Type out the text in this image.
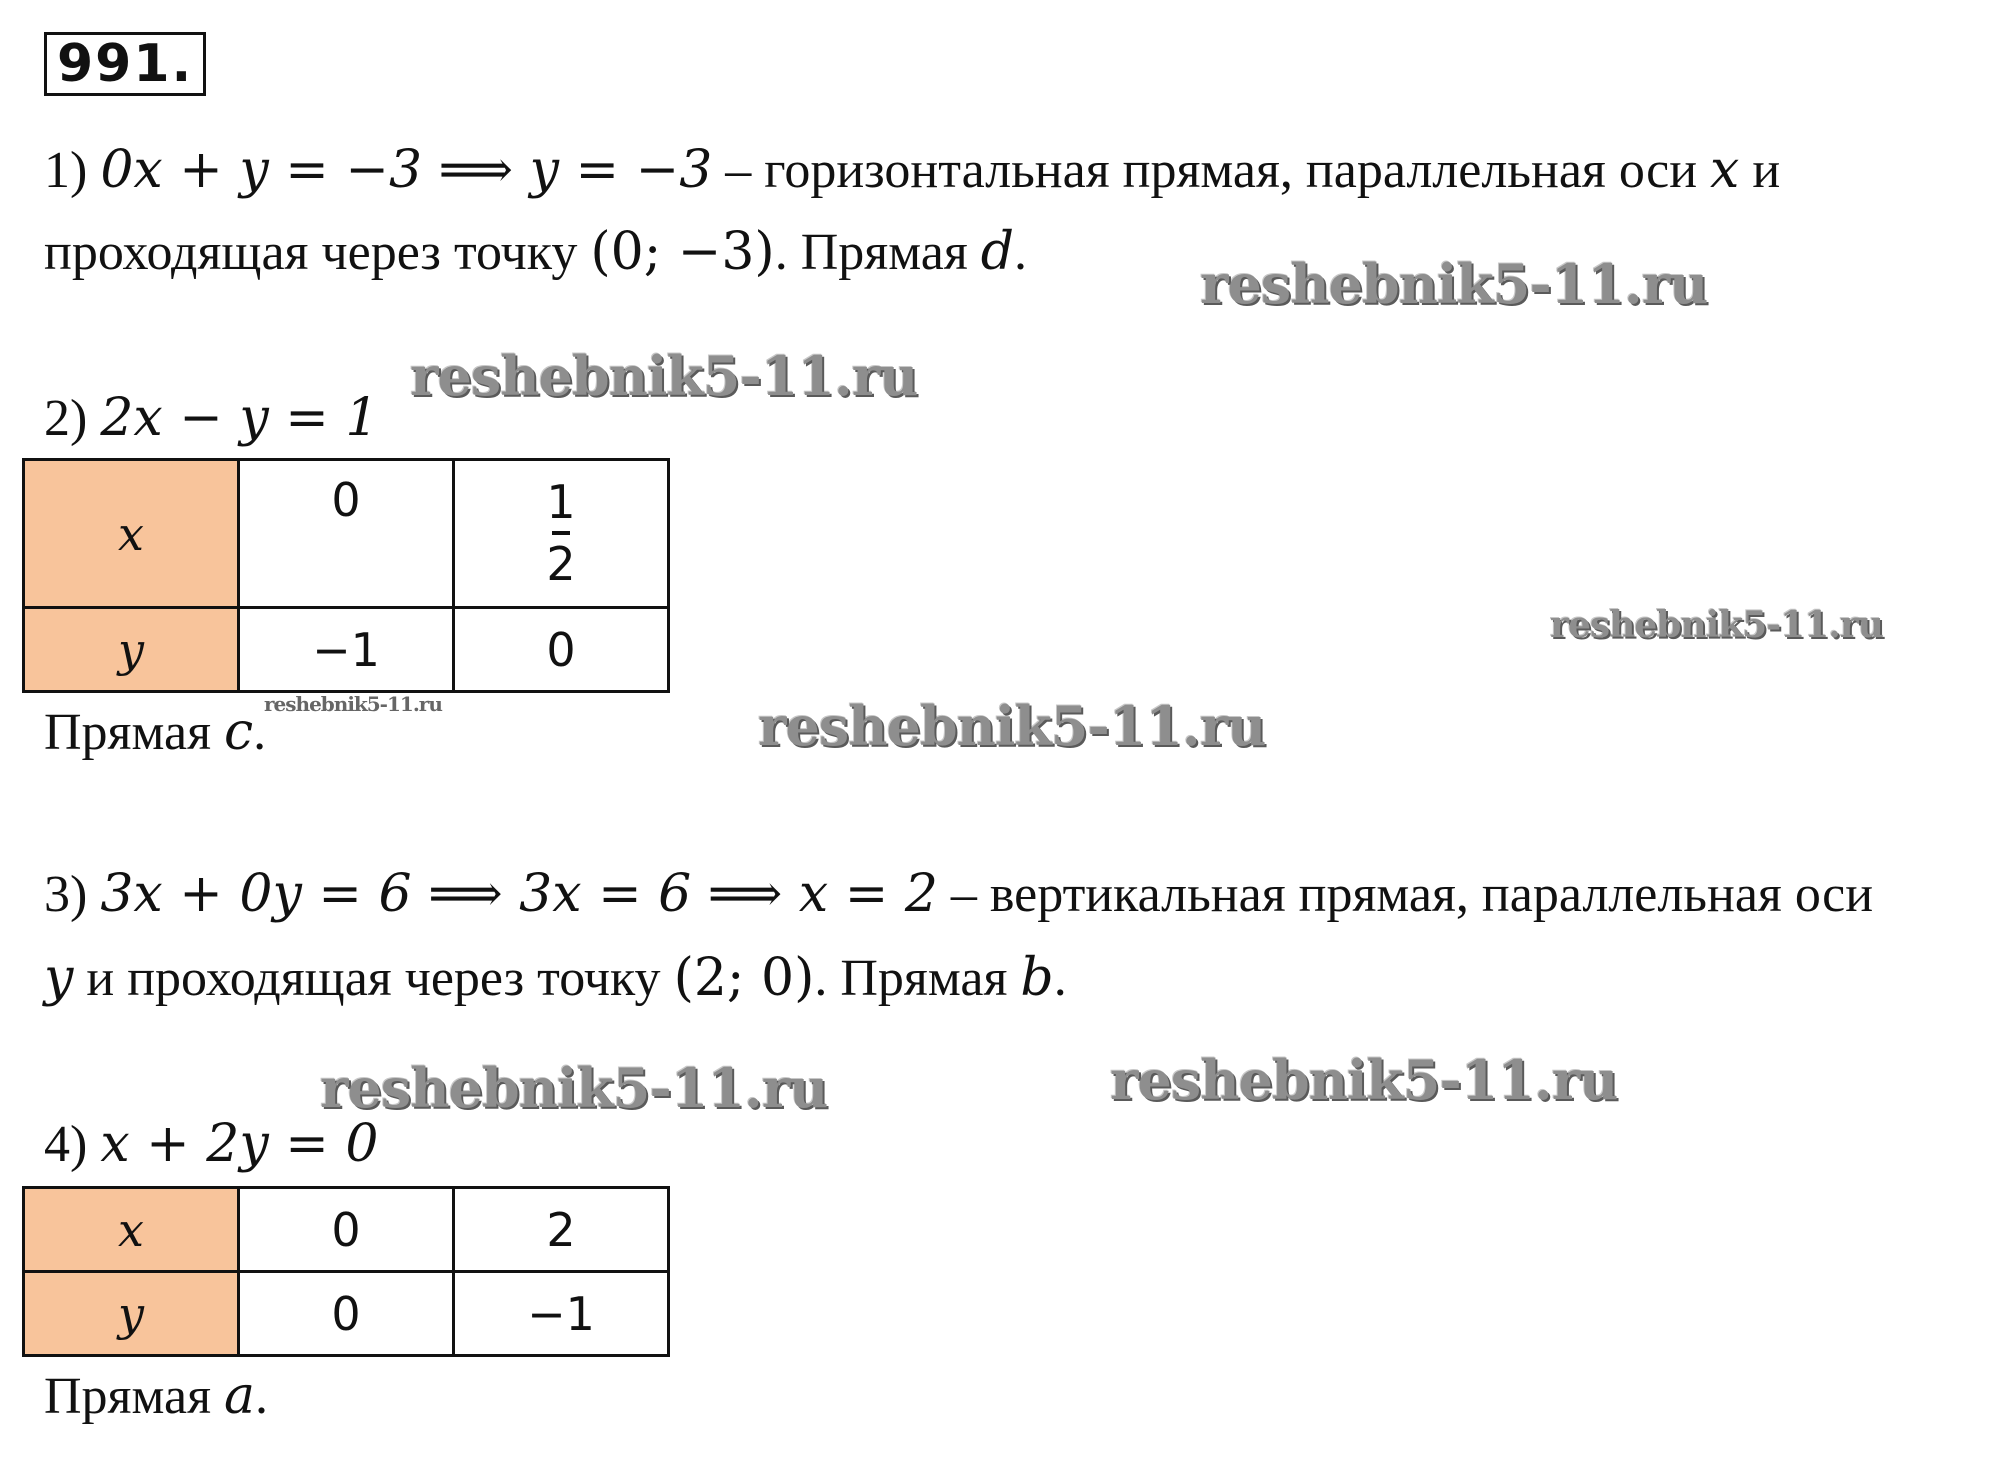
991.
1) 0x + y = −3 ⟹ y = −3 – горизонтальная прямая, параллельная оси x и
проходящая через точку (0; −3). Прямая d.
2) 2x − y = 1
x	0	$\frac{1}{2}$
y	−1	0
Прямая c.
3) 3x + 0y = 6 ⟹ 3x = 6 ⟹ x = 2 – вертикальная прямая, параллельная оси
y и проходящая через точку (2; 0). Прямая b.
4) x + 2y = 0
x	0	2
y	0	−1
Прямая a.
reshebnik5-11.ru
reshebnik5-11.ru
reshebnik5-11.ru
reshebnik5-11.ru	reshebnik5-11.ru
reshebnik5-11.ru	reshebnik5-11.ru
